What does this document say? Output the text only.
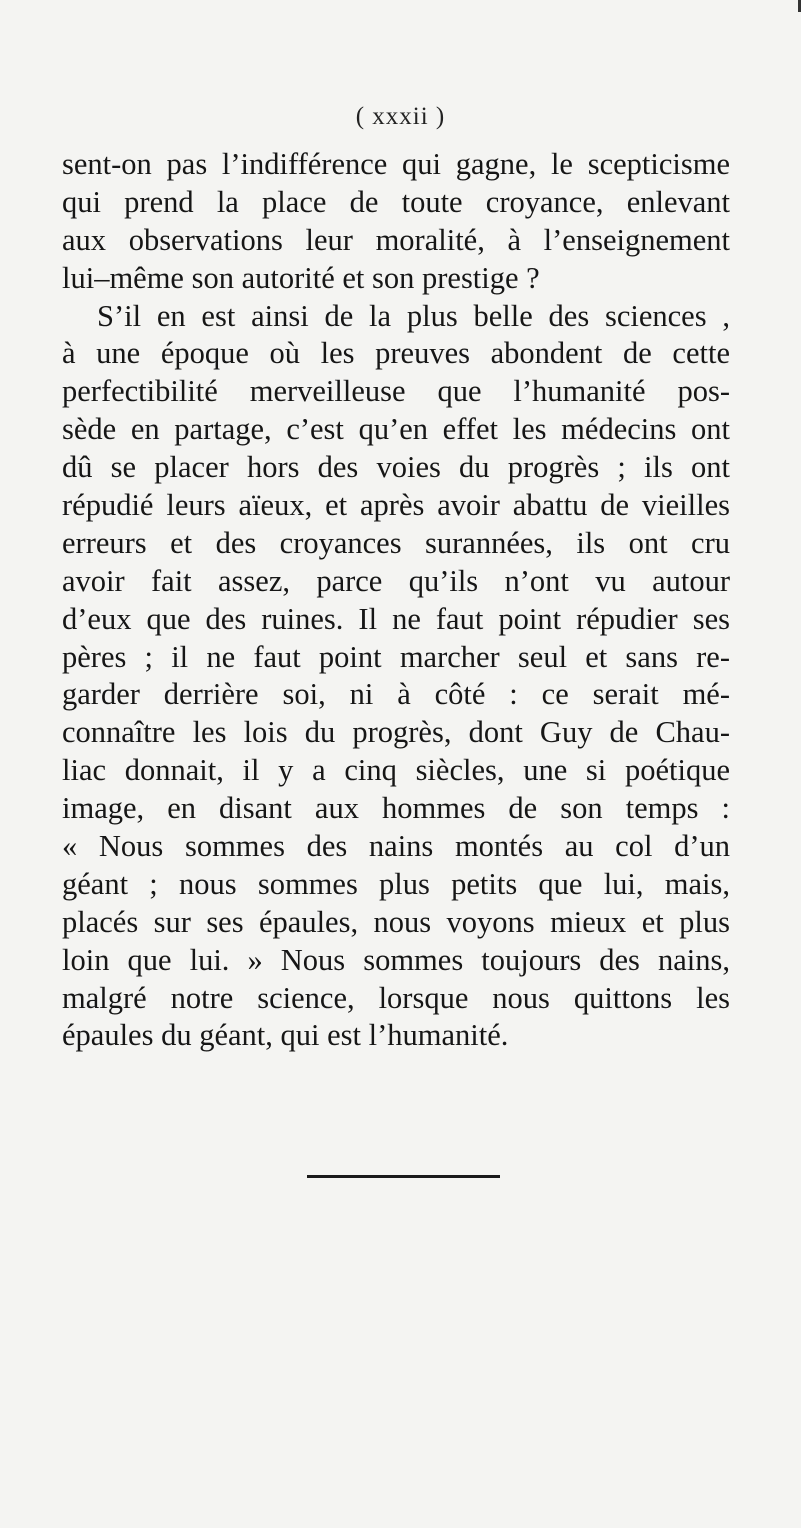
( xxxii )
sent-on pas l’indifférence qui gagne, le scepticisme
qui prend la place de toute croyance, enlevant
aux observations leur moralité, à l’enseignement
lui–même son autorité et son prestige ?
S’il en est ainsi de la plus belle des sciences ,
à une époque où les preuves abondent de cette
perfectibilité merveilleuse que l’humanité pos-
sède en partage, c’est qu’en effet les médecins ont
dû se placer hors des voies du progrès ; ils ont
répudié leurs aïeux, et après avoir abattu de vieilles
erreurs et des croyances surannées, ils ont cru
avoir fait assez, parce qu’ils n’ont vu autour
d’eux que des ruines. Il ne faut point répudier ses
pères ; il ne faut point marcher seul et sans re-
garder derrière soi, ni à côté : ce serait mé-
connaître les lois du progrès, dont Guy de Chau-
liac donnait, il y a cinq siècles, une si poétique
image, en disant aux hommes de son temps :
« Nous sommes des nains montés au col d’un
géant ; nous sommes plus petits que lui, mais,
placés sur ses épaules, nous voyons mieux et plus
loin que lui. » Nous sommes toujours des nains,
malgré notre science, lorsque nous quittons les
épaules du géant, qui est l’humanité.
